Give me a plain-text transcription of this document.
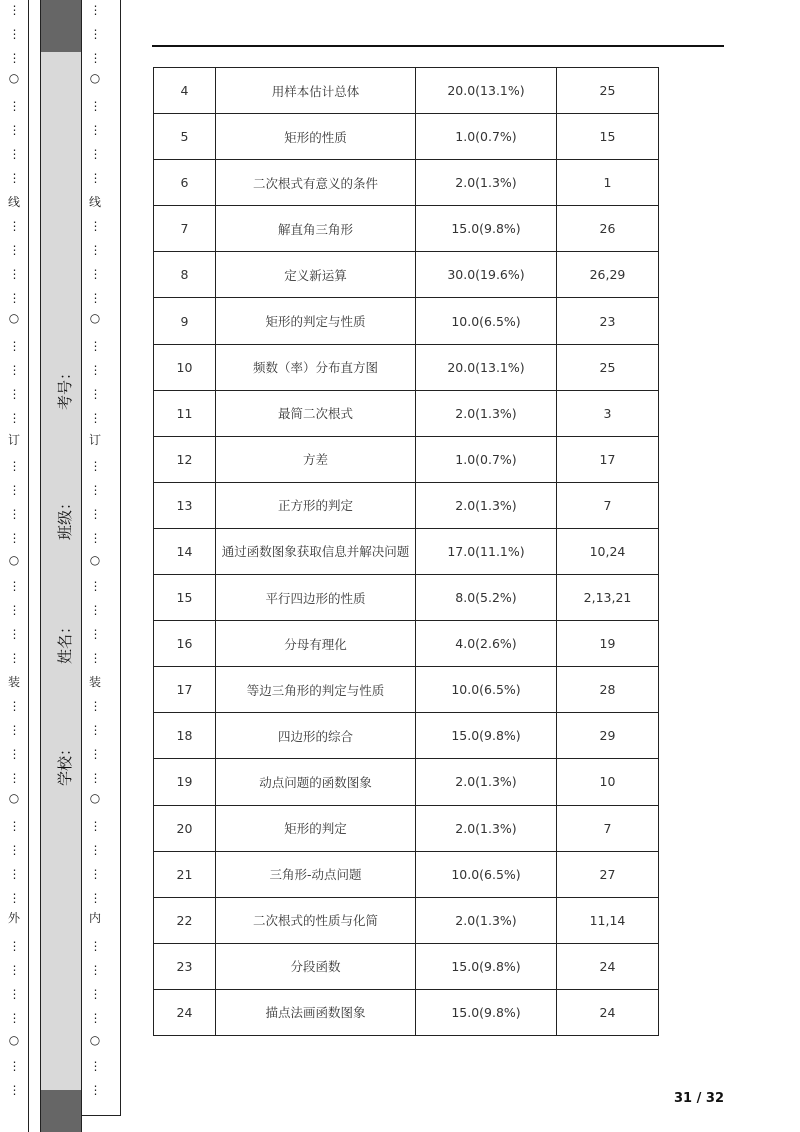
○
○
○
○
○
线
订
装
外
⋮
⋮
⋮
⋮
⋮
⋮
⋮
⋮
⋮
⋮
⋮
⋮
⋮
⋮
⋮
⋮
⋮
⋮
⋮
⋮
⋮
⋮
⋮
⋮
⋮
⋮
⋮
⋮
⋮
⋮
⋮
⋮
⋮
⋮
⋮
⋮
⋮
学校：
姓名：
班级：
考号：
○
○
○
○
○
线
订
装
内
⋮
⋮
⋮
⋮
⋮
⋮
⋮
⋮
⋮
⋮
⋮
⋮
⋮
⋮
⋮
⋮
⋮
⋮
⋮
⋮
⋮
⋮
⋮
⋮
⋮
⋮
⋮
⋮
⋮
⋮
⋮
⋮
⋮
⋮
⋮
⋮
⋮
4	用样本估计总体	20.0(13.1%)	25
5	矩形的性质	1.0(0.7%)	15
6	二次根式有意义的条件	2.0(1.3%)	1
7	解直角三角形	15.0(9.8%)	26
8	定义新运算	30.0(19.6%)	26,29
9	矩形的判定与性质	10.0(6.5%)	23
10	频数（率）分布直方图	20.0(13.1%)	25
11	最简二次根式	2.0(1.3%)	3
12	方差	1.0(0.7%)	17
13	正方形的判定	2.0(1.3%)	7
14	通过函数图象获取信息并解决问题	17.0(11.1%)	10,24
15	平行四边形的性质	8.0(5.2%)	2,13,21
16	分母有理化	4.0(2.6%)	19
17	等边三角形的判定与性质	10.0(6.5%)	28
18	四边形的综合	15.0(9.8%)	29
19	动点问题的函数图象	2.0(1.3%)	10
20	矩形的判定	2.0(1.3%)	7
21	三角形-动点问题	10.0(6.5%)	27
22	二次根式的性质与化简	2.0(1.3%)	11,14
23	分段函数	15.0(9.8%)	24
24	描点法画函数图象	15.0(9.8%)	24
31 / 32
